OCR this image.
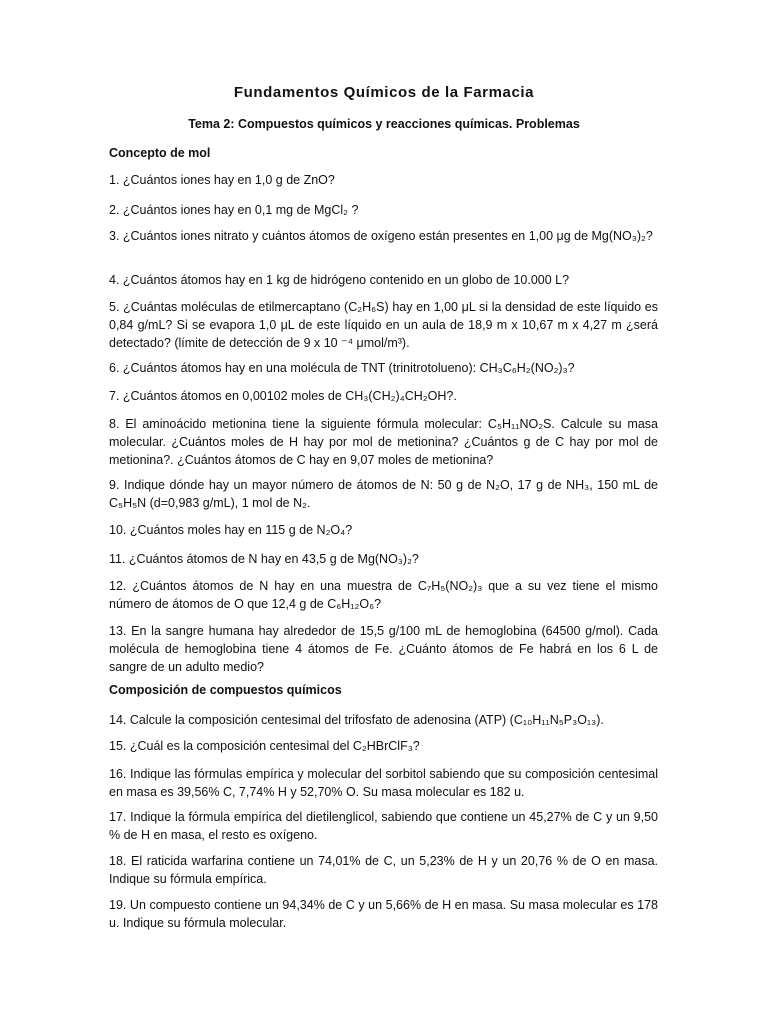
Fundamentos Químicos de la Farmacia
Tema 2: Compuestos químicos y reacciones químicas. Problemas
Concepto de mol
1. ¿Cuántos iones hay en 1,0 g de ZnO?
2. ¿Cuántos iones hay en 0,1 mg de MgCl₂ ?
3. ¿Cuántos iones nitrato y cuántos átomos de oxígeno están presentes en 1,00 μg de Mg(NO₃)₂?
4. ¿Cuántos átomos hay en 1 kg de hidrógeno contenido en un globo de 10.000 L?
5. ¿Cuántas moléculas de etilmercaptano (C₂H₆S) hay en 1,00 μL si la densidad de este líquido es 0,84 g/mL? Si se evapora 1,0 μL de este líquido en un aula de 18,9 m x 10,67 m x 4,27 m ¿será detectado? (límite de detección de 9 x 10 ⁻⁴ μmol/m³).
6. ¿Cuántos átomos hay en una molécula de TNT (trinitrotolueno): CH₃C₆H₂(NO₂)₃?
7. ¿Cuántos átomos en 0,00102 moles de CH₃(CH₂)₄CH₂OH?.
8. El aminoácido metionina tiene la siguiente fórmula molecular: C₅H₁₁NO₂S. Calcule su masa molecular. ¿Cuántos moles de H hay por mol de metionina? ¿Cuántos g de C hay por mol de metionina?. ¿Cuántos átomos de C hay en 9,07 moles de metionina?
9. Indique dónde hay un mayor número de átomos de N: 50 g de N₂O, 17 g de NH₃, 150 mL de C₅H₅N (d=0,983 g/mL), 1 mol de N₂.
10. ¿Cuántos moles hay en 115 g de N₂O₄?
11. ¿Cuántos átomos de N hay en 43,5 g de Mg(NO₃)₂?
12. ¿Cuántos átomos de N hay en una muestra de C₇H₅(NO₂)₃ que a su vez tiene el mismo número de átomos de O que 12,4 g de C₆H₁₂O₆?
13. En la sangre humana hay alrededor de 15,5 g/100 mL de hemoglobina (64500 g/mol). Cada molécula de hemoglobina tiene 4 átomos de Fe. ¿Cuánto átomos de Fe habrá en los 6 L de sangre de un adulto medio?
Composición de compuestos químicos
14. Calcule la composición centesimal del trifosfato de adenosina (ATP) (C₁₀H₁₁N₅P₃O₁₃).
15. ¿Cuál es la composición centesimal del C₂HBrClF₃?
16. Indique las fórmulas empírica y molecular del sorbitol sabiendo que su composición centesimal en masa es 39,56% C, 7,74% H y 52,70% O. Su masa molecular es 182 u.
17. Indique la fórmula empírica del dietilenglicol, sabiendo que contiene un 45,27% de C y un 9,50 % de H en masa, el resto es oxígeno.
18. El raticida warfarina contiene un 74,01% de C, un 5,23% de H y un 20,76 % de O en masa. Indique su fórmula empírica.
19. Un compuesto contiene un 94,34% de C y un 5,66% de H en masa. Su masa molecular es 178 u. Indique su fórmula molecular.
